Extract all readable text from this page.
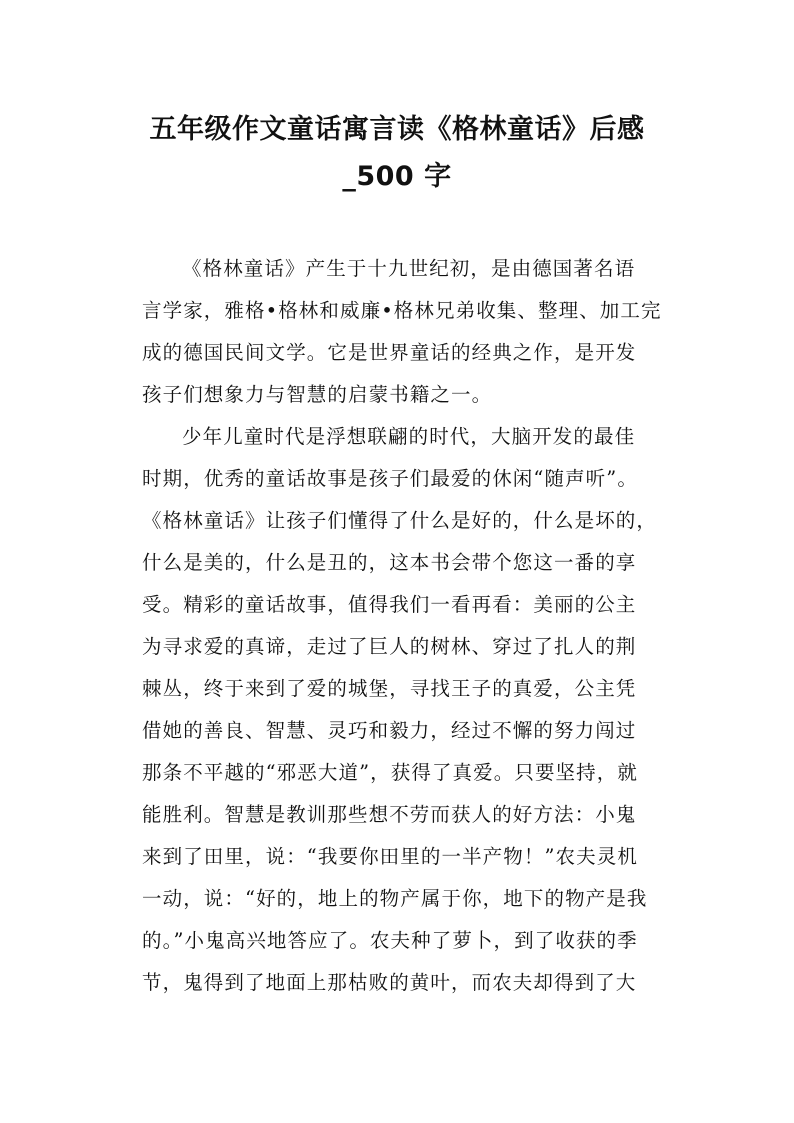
五年级作文童话寓言读《格林童话》后感
_500 字
《格林童话》产生于十九世纪初，是由德国著名语
言学家，雅格•格林和威廉•格林兄弟收集、整理、加工完
成的德国民间文学。它是世界童话的经典之作，是开发
孩子们想象力与智慧的启蒙书籍之一。
少年儿童时代是浮想联翩的时代，大脑开发的最佳
时期，优秀的童话故事是孩子们最爱的休闲“随声听”。
《格林童话》让孩子们懂得了什么是好的，什么是坏的，
什么是美的，什么是丑的，这本书会带个您这一番的享
受。精彩的童话故事，值得我们一看再看：美丽的公主
为寻求爱的真谛，走过了巨人的树林、穿过了扎人的荆
棘丛，终于来到了爱的城堡，寻找王子的真爱，公主凭
借她的善良、智慧、灵巧和毅力，经过不懈的努力闯过
那条不平越的“邪恶大道”，获得了真爱。只要坚持，就
能胜利。智慧是教训那些想不劳而获人的好方法：小鬼
来到了田里，说：“我要你田里的一半产物！”农夫灵机
一动，说：“好的，地上的物产属于你，地下的物产是我
的。”小鬼高兴地答应了。农夫种了萝卜，到了收获的季
节，鬼得到了地面上那枯败的黄叶，而农夫却得到了大
